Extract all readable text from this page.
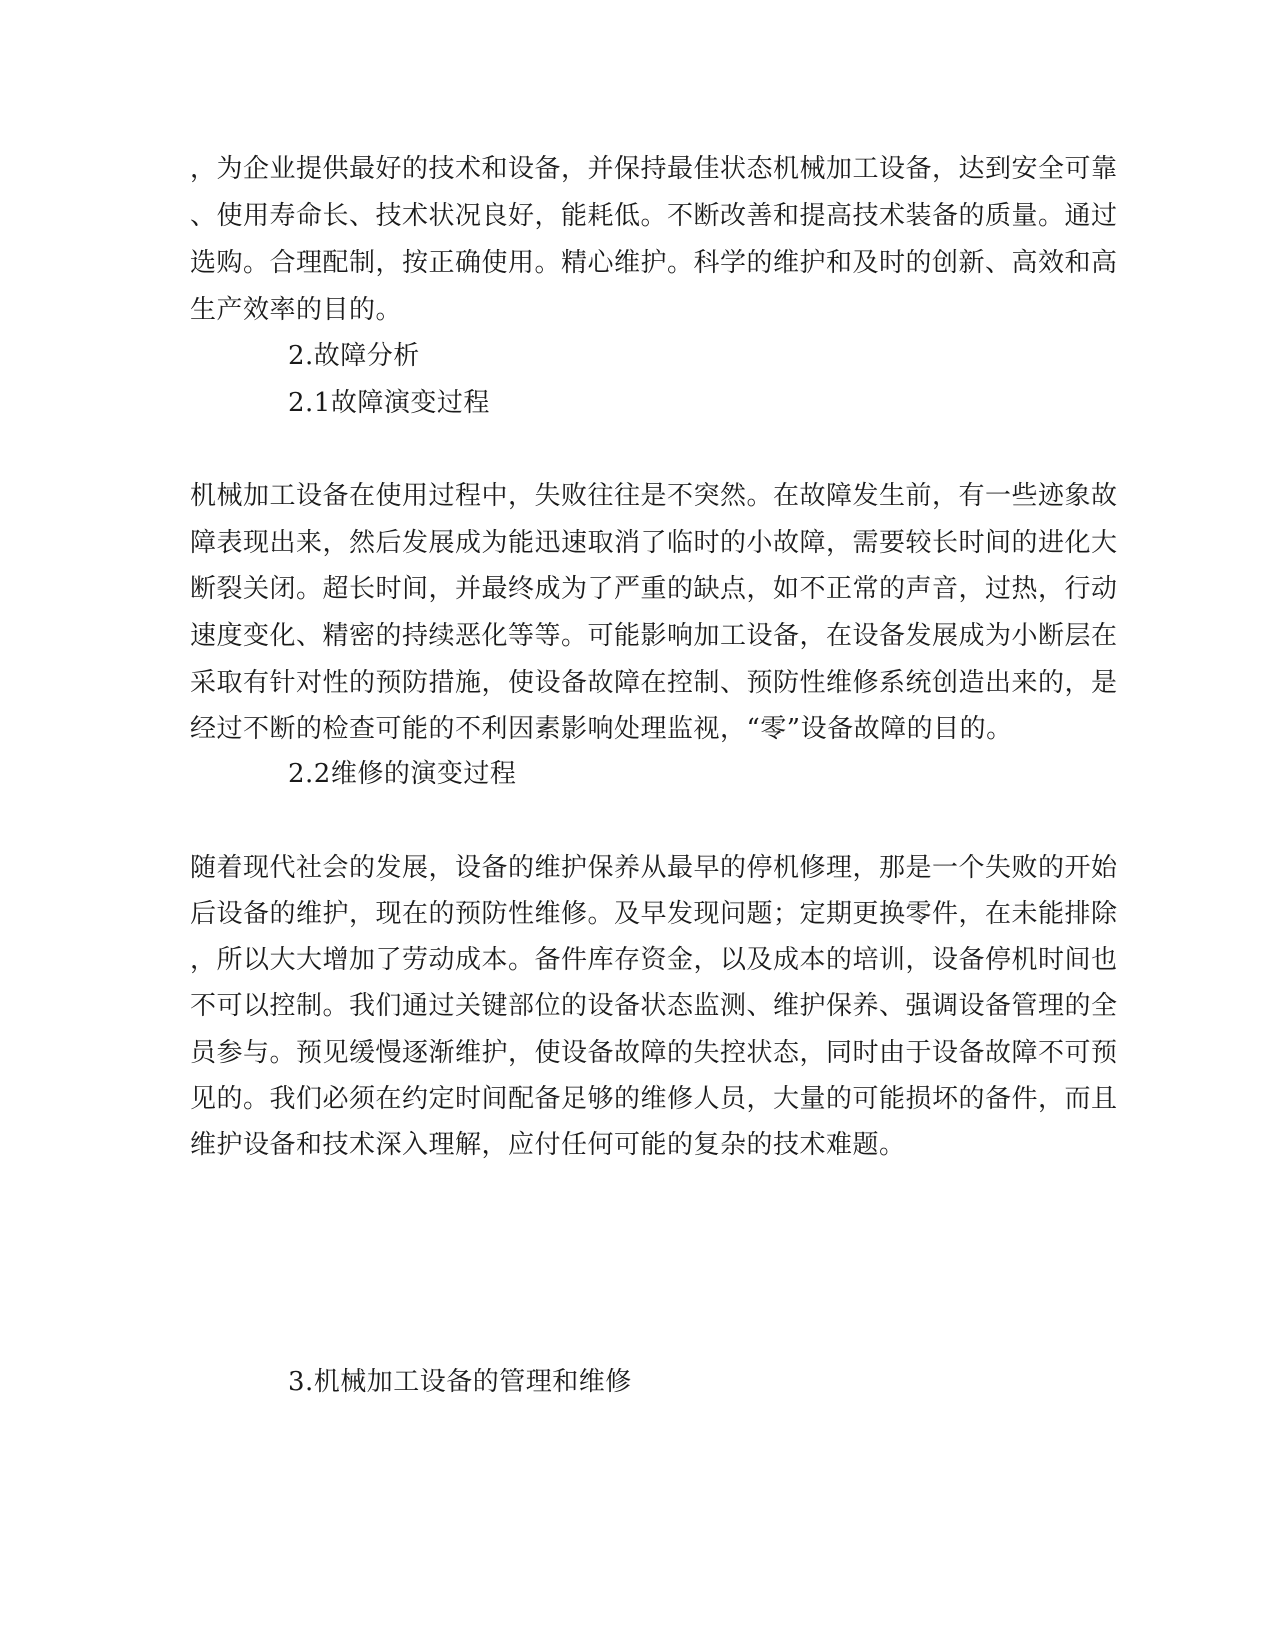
，为企业提供最好的技术和设备，并保持最佳状态机械加工设备，达到安全可靠
、使用寿命长、技术状况良好，能耗低。不断改善和提高技术装备的质量。通过
选购。合理配制，按正确使用。精心维护。科学的维护和及时的创新、高效和高
生产效率的目的。
2.故障分析
2.1故障演变过程
机械加工设备在使用过程中，失败往往是不突然。在故障发生前，有一些迹象故
障表现出来，然后发展成为能迅速取消了临时的小故障，需要较长时间的进化大
断裂关闭。超长时间，并最终成为了严重的缺点，如不正常的声音，过热，行动
速度变化、精密的持续恶化等等。可能影响加工设备，在设备发展成为小断层在
采取有针对性的预防措施，使设备故障在控制、预防性维修系统创造出来的，是
经过不断的检查可能的不利因素影响处理监视，“零”设备故障的目的。
2.2维修的演变过程
随着现代社会的发展，设备的维护保养从最早的停机修理，那是一个失败的开始
后设备的维护，现在的预防性维修。及早发现问题；定期更换零件，在未能排除
，所以大大增加了劳动成本。备件库存资金，以及成本的培训，设备停机时间也
不可以控制。我们通过关键部位的设备状态监测、维护保养、强调设备管理的全
员参与。预见缓慢逐渐维护，使设备故障的失控状态，同时由于设备故障不可预
见的。我们必须在约定时间配备足够的维修人员，大量的可能损坏的备件，而且
维护设备和技术深入理解，应付任何可能的复杂的技术难题。
3.机械加工设备的管理和维修
